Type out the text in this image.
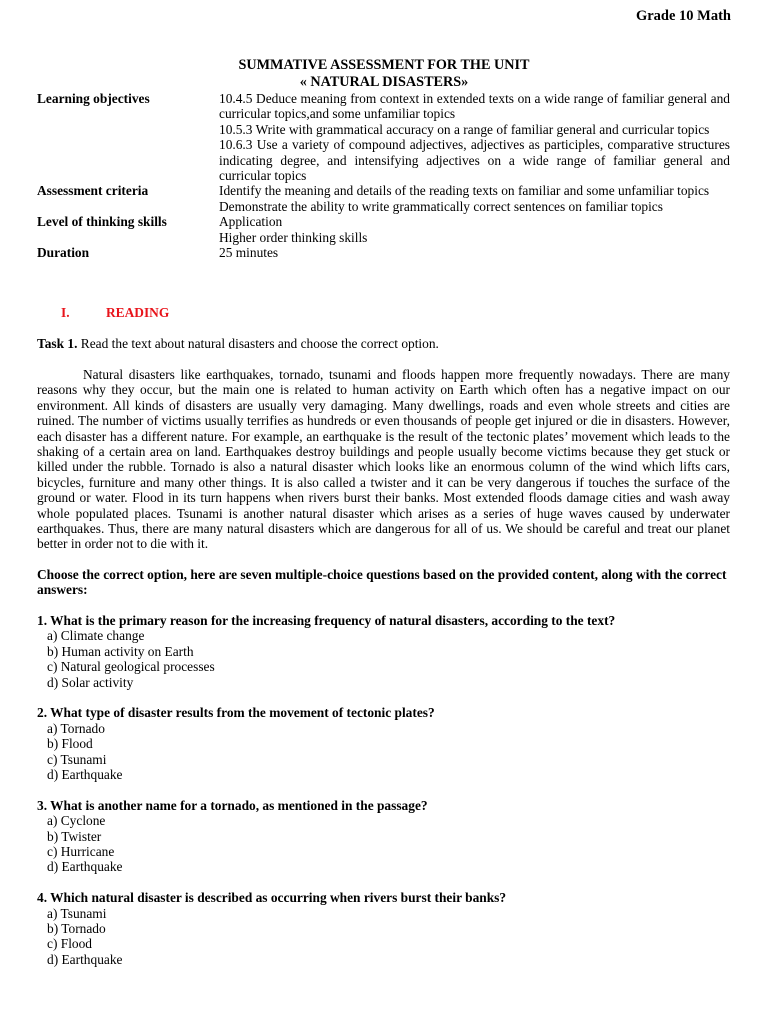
Grade 10 Math
SUMMATIVE ASSESSMENT FOR THE UNIT
« NATURAL DISASTERS»
Learning objectives	10.4.5 Deduce meaning from context in extended texts on a wide range of familiar general and curricular topics,and some unfamiliar topics
10.5.3 Write with grammatical accuracy on a range of familiar general and curricular topics
10.6.3 Use a variety of compound adjectives, adjectives as participles, comparative structures indicating degree, and intensifying adjectives on a wide range of familiar general and curricular topics
Assessment criteria	Identify the meaning and details of the reading texts on familiar and some unfamiliar topics
Demonstrate the ability to write grammatically correct sentences on familiar topics
Level of thinking skills	Application
Higher order thinking skills
Duration	25 minutes
I.	READING
Task 1. Read the text about natural disasters and choose the correct option.
Natural disasters like earthquakes, tornado, tsunami and floods happen more frequently nowadays. There are many reasons why they occur, but the main one is related to human activity on Earth which often has a negative impact on our environment. All kinds of disasters are usually very damaging. Many dwellings, roads and even whole streets and cities are ruined. The number of victims usually terrifies as hundreds or even thousands of people get injured or die in disasters. However, each disaster has a different nature. For example, an earthquake is the result of the tectonic plates’ movement which leads to the shaking of a certain area on land. Earthquakes destroy buildings and people usually become victims because they get stuck or killed under the rubble. Tornado is also a natural disaster which looks like an enormous column of the wind which lifts cars, bicycles, furniture and many other things. It is also called a twister and it can be very dangerous if touches the surface of the ground or water. Flood in its turn happens when rivers burst their banks. Most extended floods damage cities and wash away whole populated places. Tsunami is another natural disaster which arises as a series of huge waves caused by underwater earthquakes. Thus, there are many natural disasters which are dangerous for all of us. We should be careful and treat our planet better in order not to die with it.
Choose the correct option, here are seven multiple-choice questions based on the provided content, along with the correct answers:
1. What is the primary reason for the increasing frequency of natural disasters, according to the text?
a) Climate change
b) Human activity on Earth
c) Natural geological processes
d) Solar activity
2. What type of disaster results from the movement of tectonic plates?
a) Tornado
b) Flood
c) Tsunami
d) Earthquake
3. What is another name for a tornado, as mentioned in the passage?
a) Cyclone
b) Twister
c) Hurricane
d) Earthquake
4. Which natural disaster is described as occurring when rivers burst their banks?
a) Tsunami
b) Tornado
c) Flood
d) Earthquake
